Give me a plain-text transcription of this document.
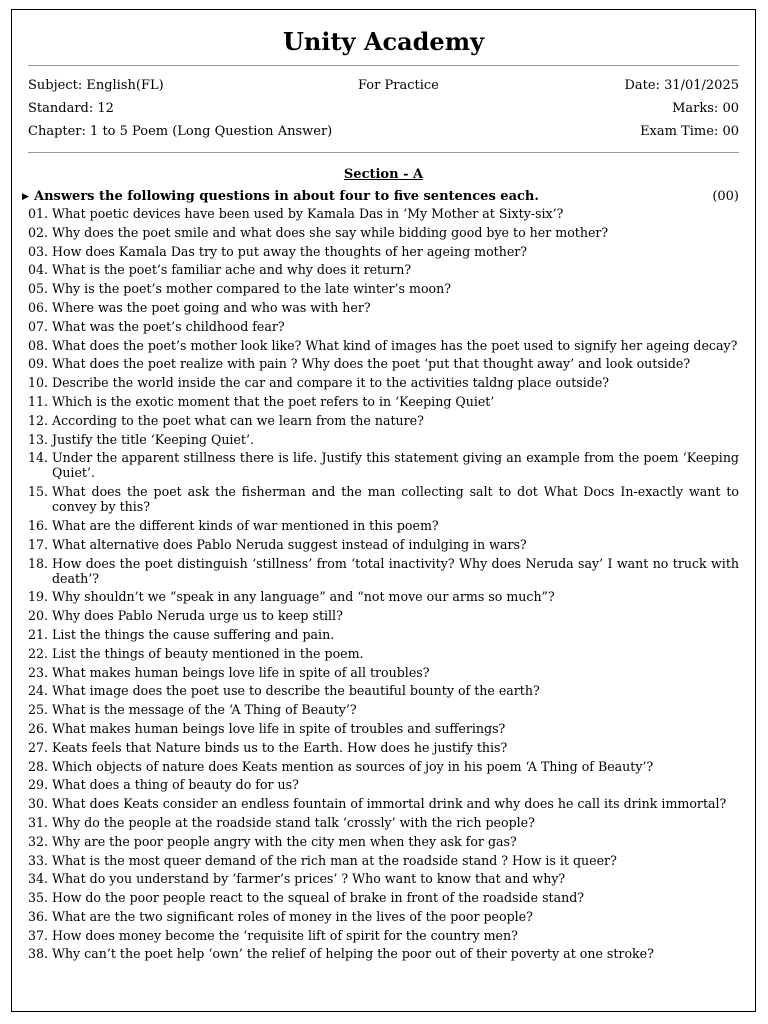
Unity Academy
Subject: English(FL)	For Practice	Date: 31/01/2025
Standard: 12	Marks: 00
Chapter: 1 to 5 Poem (Long Question Answer)	Exam Time: 00
Section - A
▶ Answers the following questions in about four to five sentences each.	(00)
01. What poetic devices have been used by Kamala Das in ‘My Mother at Sixty-six’?
02. Why does the poet smile and what does she say while bidding good bye to her mother?
03. How does Kamala Das try to put away the thoughts of her ageing mother?
04. What is the poet’s familiar ache and why does it return?
05. Why is the poet’s mother compared to the late winter’s moon?
06. Where was the poet going and who was with her?
07. What was the poet’s childhood fear?
08. What does the poet’s mother look like? What kind of images has the poet used to signify her ageing decay?
09. What does the poet realize with pain ? Why does the poet ‘put that thought away’ and look outside?
10. Describe the world inside the car and compare it to the activities taldng place outside?
11. Which is the exotic moment that the poet refers to in ‘Keeping Quiet’
12. According to the poet what can we learn from the nature?
13. Justify the title ‘Keeping Quiet’.
14. Under the apparent stillness there is life. Justify this statement giving an example from the poem ‘Keeping Quiet’.
15. What does the poet ask the fisherman and the man collecting salt to dot What Docs In-exactly want to convey by this?
16. What are the different kinds of war mentioned in this poem?
17. What alternative does Pablo Neruda suggest instead of indulging in wars?
18. How does the poet distinguish ‘stillness’ from ‘total inactivity? Why does Neruda say’ I want no truck with death’?
19. Why shouldn’t we “speak in any language” and “not move our arms so much”?
20. Why does Pablo Neruda urge us to keep still?
21. List the things the cause suffering and pain.
22. List the things of beauty mentioned in the poem.
23. What makes human beings love life in spite of all troubles?
24. What image does the poet use to describe the beautiful bounty of the earth?
25. What is the message of the ‘A Thing of Beauty’?
26. What makes human beings love life in spite of troubles and sufferings?
27. Keats feels that Nature binds us to the Earth. How does he justify this?
28. Which objects of nature does Keats mention as sources of joy in his poem ‘A Thing of Beauty’?
29. What does a thing of beauty do for us?
30. What does Keats consider an endless fountain of immortal drink and why does he call its drink immortal?
31. Why do the people at the roadside stand talk ‘crossly’ with the rich people?
32. Why are the poor people angry with the city men when they ask for gas?
33. What is the most queer demand of the rich man at the roadside stand ? How is it queer?
34. What do you understand by ‘farmer’s prices’ ? Who want to know that and why?
35. How do the poor people react to the squeal of brake in front of the roadside stand?
36. What are the two significant roles of money in the lives of the poor people?
37. How does money become the ‘requisite lift of spirit for the country men?
38. Why can’t the poet help ‘own’ the relief of helping the poor out of their poverty at one stroke?
